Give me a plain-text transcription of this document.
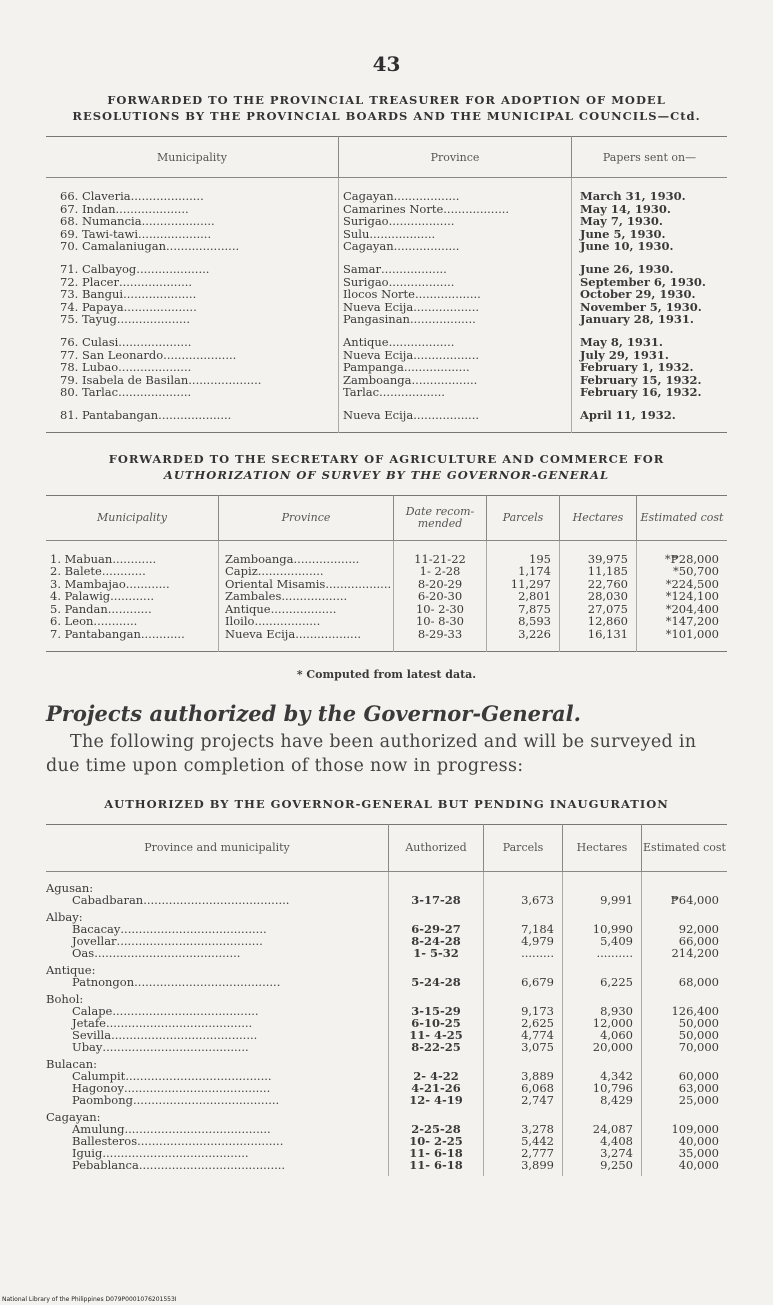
43
FORWARDED TO THE PROVINCIAL TREASURER FOR ADOPTION OF MODEL
RESOLUTIONS BY THE PROVINCIAL BOARDS AND THE MUNICIPAL COUNCILS—Ctd.
Municipality	Province	Papers sent on—

66. Claveria....................	Cagayan..................	March 31, 1930.
67. Indan....................	Camarines Norte..................	May 14, 1930.
68. Numancia....................	Surigao..................	May 7, 1930.
69. Tawi-tawi....................	Sulu..................	June 5, 1930.
70. Camalaniugan....................	Cagayan..................	June 10, 1930.

71. Calbayog....................	Samar..................	June 26, 1930.
72. Placer....................	Surigao..................	September 6, 1930.
73. Bangui....................	Ilocos Norte..................	October 29, 1930.
74. Papaya....................	Nueva Ecija..................	November 5, 1930.
75. Tayug....................	Pangasinan..................	January 28, 1931.

76. Culasi....................	Antique..................	May 8, 1931.
77. San Leonardo....................	Nueva Ecija..................	July 29, 1931.
78. Lubao....................	Pampanga..................	February 1, 1932.
79. Isabela de Basilan....................	Zamboanga..................	February 15, 1932.
80. Tarlac....................	Tarlac..................	February 16, 1932.

81. Pantabangan....................	Nueva Ecija..................	April 11, 1932.

FORWARDED TO THE SECRETARY OF AGRICULTURE AND COMMERCE FOR
AUTHORIZATION OF SURVEY BY THE GOVERNOR-GENERAL
Municipality	Province	Date recom-mended	Parcels	Hectares	Estimated cost

1. Mabuan............	Zamboanga..................	11-21-22	195	39,975	*₱28,000
2. Balete............	Capiz..................	1- 2-28	1,174	11,185	*50,700
3. Mambajao............	Oriental Misamis..................	8-20-29	11,297	22,760	*224,500
4. Palawig............	Zambales..................	6-20-30	2,801	28,030	*124,100
5. Pandan............	Antique..................	10- 2-30	7,875	27,075	*204,400
6. Leon............	Iloilo..................	10- 8-30	8,593	12,860	*147,200
7. Pantabangan............	Nueva Ecija..................	8-29-33	3,226	16,131	*101,000

* Computed from latest data.
Projects authorized by the Governor-General.
The following projects have been authorized and will be surveyed in due time upon completion of those now in progress:
AUTHORIZED BY THE GOVERNOR-GENERAL BUT PENDING INAUGURATION
Province and municipality	Authorized	Parcels	Hectares	Estimated cost

Agusan:				
Cabadbaran........................................	3-17-28	3,673	9,991	₱64,000

Albay:				
Bacacay........................................	6-29-27	7,184	10,990	92,000
Jovellar........................................	8-24-28	4,979	5,409	66,000
Oas........................................	1- 5-32	.........	..........	214,200

Antique:				
Patnongon........................................	5-24-28	6,679	6,225	68,000

Bohol:				
Calape........................................	3-15-29	9,173	8,930	126,400
Jetafe........................................	6-10-25	2,625	12,000	50,000
Sevilla........................................	11- 4-25	4,774	4,060	50,000
Ubay........................................	8-22-25	3,075	20,000	70,000

Bulacan:				
Calumpit........................................	2- 4-22	3,889	4,342	60,000
Hagonoy........................................	4-21-26	6,068	10,796	63,000
Paombong........................................	12- 4-19	2,747	8,429	25,000

Cagayan:				
Amulung........................................	2-25-28	3,278	24,087	109,000
Ballesteros........................................	10- 2-25	5,442	4,408	40,000
Iguig........................................	11- 6-18	2,777	3,274	35,000
Pebablanca........................................	11- 6-18	3,899	9,250	40,000

National Library of the Philippines D079P0001076201553I
